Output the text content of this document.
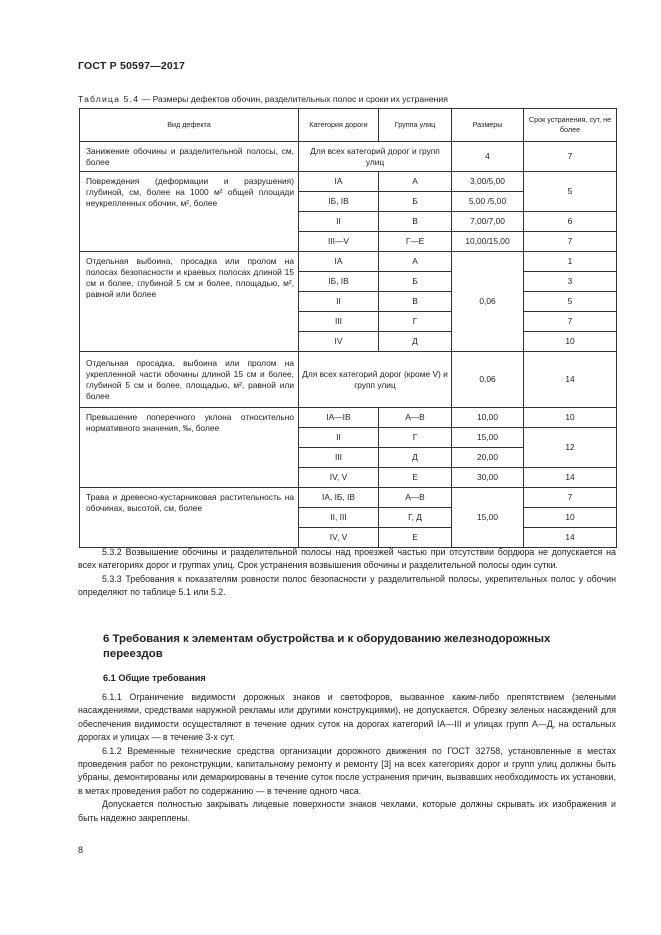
ГОСТ Р 50597—2017
Таблица 5.4 — Размеры дефектов обочин, разделительных полос и сроки их устранения
Вид дефекта	Категория дороги	Группа улиц	Размеры	Срок устранения, сут, не более
Занижение обочины и разделительной полосы, см, более	Для всех категорий дорог и групп улиц		4	7
Повреждения (деформации и разрушения) глубиной, см, более на 1000 м² общей площади неукрепленных обочин, м², более	IA	А	3,00/5,00	5
	IБ, IB	Б	5,00 /5,00	
	II	В	7,00/7,00	6
	III—V	Г—Е	10,00/15,00	7
Отдельная выбоина, просадка или пролом на полосах безопасности и краевых полосах длиной 15 см и более, глубиной 5 см и более, площадью, м², равной или более	IA	А	0,06	1
	IБ, IB	Б		3
	II	В		5
	III	Г		7
	IV	Д		10
Отдельная просадка, выбоина или пролом на укрепленной части обочины длиной 15 см и более, глубиной 5 см и более, площадью, м², равной или более	Для всех категорий дорог (кроме V) и групп улиц		0,06	14
Превышение поперечного уклона относительно нормативного значения, ‰, более	IA—IB	А—В	10,00	10
	II	Г	15,00	12
	III	Д	20,00	
	IV, V	Е	30,00	14
Трава и древесно-кустарниковая растительность на обочинах, высотой, см, более	IA, IБ, IB	А—В	15,00	7
	II, III	Г, Д		10
	IV, V	Е		14

5.3.2 Возвышение обочины и разделительной полосы над проезжей частью при отсутствии бордюра не допускается на всех категориях дорог и группах улиц. Срок устранения возвышения обочины и разделительной полосы один сутки.

5.3.3 Требования к показателям ровности полос безопасности у разделительной полосы, укрепительных полос у обочин определяют по таблице 5.1 или 5.2.

6 Требования к элементам обустройства и к оборудованию железнодорожных переездов
6.1 Общие требования

6.1.1 Ограничение видимости дорожных знаков и светофоров, вызванное каким-либо препятствием (зелеными насаждениями, средствами наружной рекламы или другими конструкциями), не допускается. Обрезку зеленых насаждений для обеспечения видимости осуществляют в течение одних суток на дорогах категорий IA—III и улицах групп А—Д, на остальных дорогах и улицах — в течение 3-х сут.

6.1.2 Временные технические средства организации дорожного движения по ГОСТ 32758, установленные в местах проведения работ по реконструкции, капитальному ремонту и ремонту [3] на всех категориях дорог и групп улиц должны быть убраны, демонтированы или демаркированы в течение суток после устранения причин, вызвавших необходимость их установки, в метах проведения работ по содержанию — в течение одного часа.

Допускается полностью закрывать лицевые поверхности знаков чехлами, которые должны скрывать их изображения и быть надежно закреплены.

8
